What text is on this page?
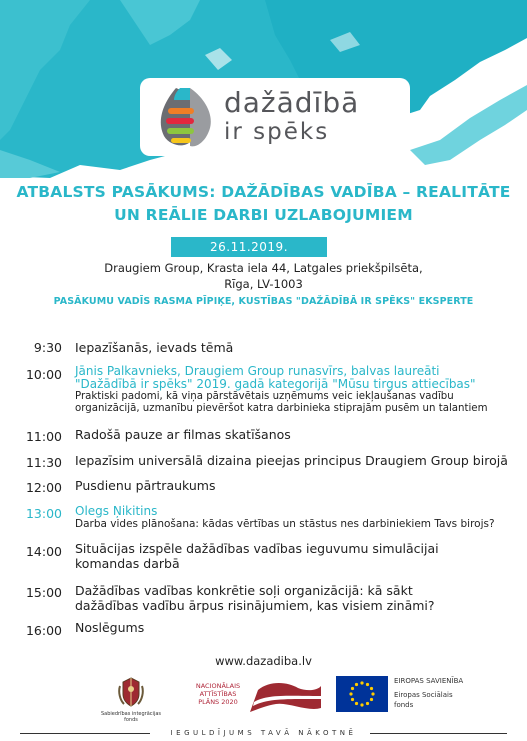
dažādībā
ir spēks
ATBALSTS PASĀKUMS: DAŽĀDĪBAS VADĪBA – REALITĀTE
UN REĀLIE DARBI UZLABOJUMIEM
26.11.2019.
Draugiem Group, Krasta iela 44, Latgales priekšpilsēta,
Rīga, LV-1003
PASĀKUMU VADĪS RASMA PĪPIĶE, KUSTĪBAS "DAŽĀDĪBĀ IR SPĒKS" EKSPERTE
9:30 Iepazīšanās, ievads tēmā
10:00 Jānis Palkavnieks, Draugiem Group runasvīrs, balvas laureāti
"Dažādībā ir spēks" 2019. gadā kategorijā "Mūsu tirgus attiecības"
Praktiski padomi, kā viņa pārstāvētais uzņēmums veic iekļaušanas vadību
organizācijā, uzmanību pievēršot katra darbinieka stiprajām pusēm un talantiem
11:00 Radošā pauze ar filmas skatīšanos
11:30 Iepazīsim universālā dizaina pieejas principus Draugiem Group birojā
12:00 Pusdienu pārtraukums
13:00 Olegs Ņikitins
Darba vides plānošana: kādas vērtības un stāstus nes darbiniekiem Tavs birojs?
14:00 Situācijas izspēle dažādības vadības ieguvumu simulācijai
komandas darbā
15:00 Dažādības vadības konkrētie soļi organizācijā: kā sākt
dažādības vadību ārpus risinājumiem, kas visiem zināmi?
16:00 Noslēgums
www.dazadiba.lv
Sabiedrības integrācijas fonds
NACIONĀLAIS
ATTĪSTĪBAS
PLĀNS 2020
EIROPAS SAVIENĪBA
Eiropas Sociālais
fonds
IEGULDĪJUMS TAVĀ NĀKOTNĒ
